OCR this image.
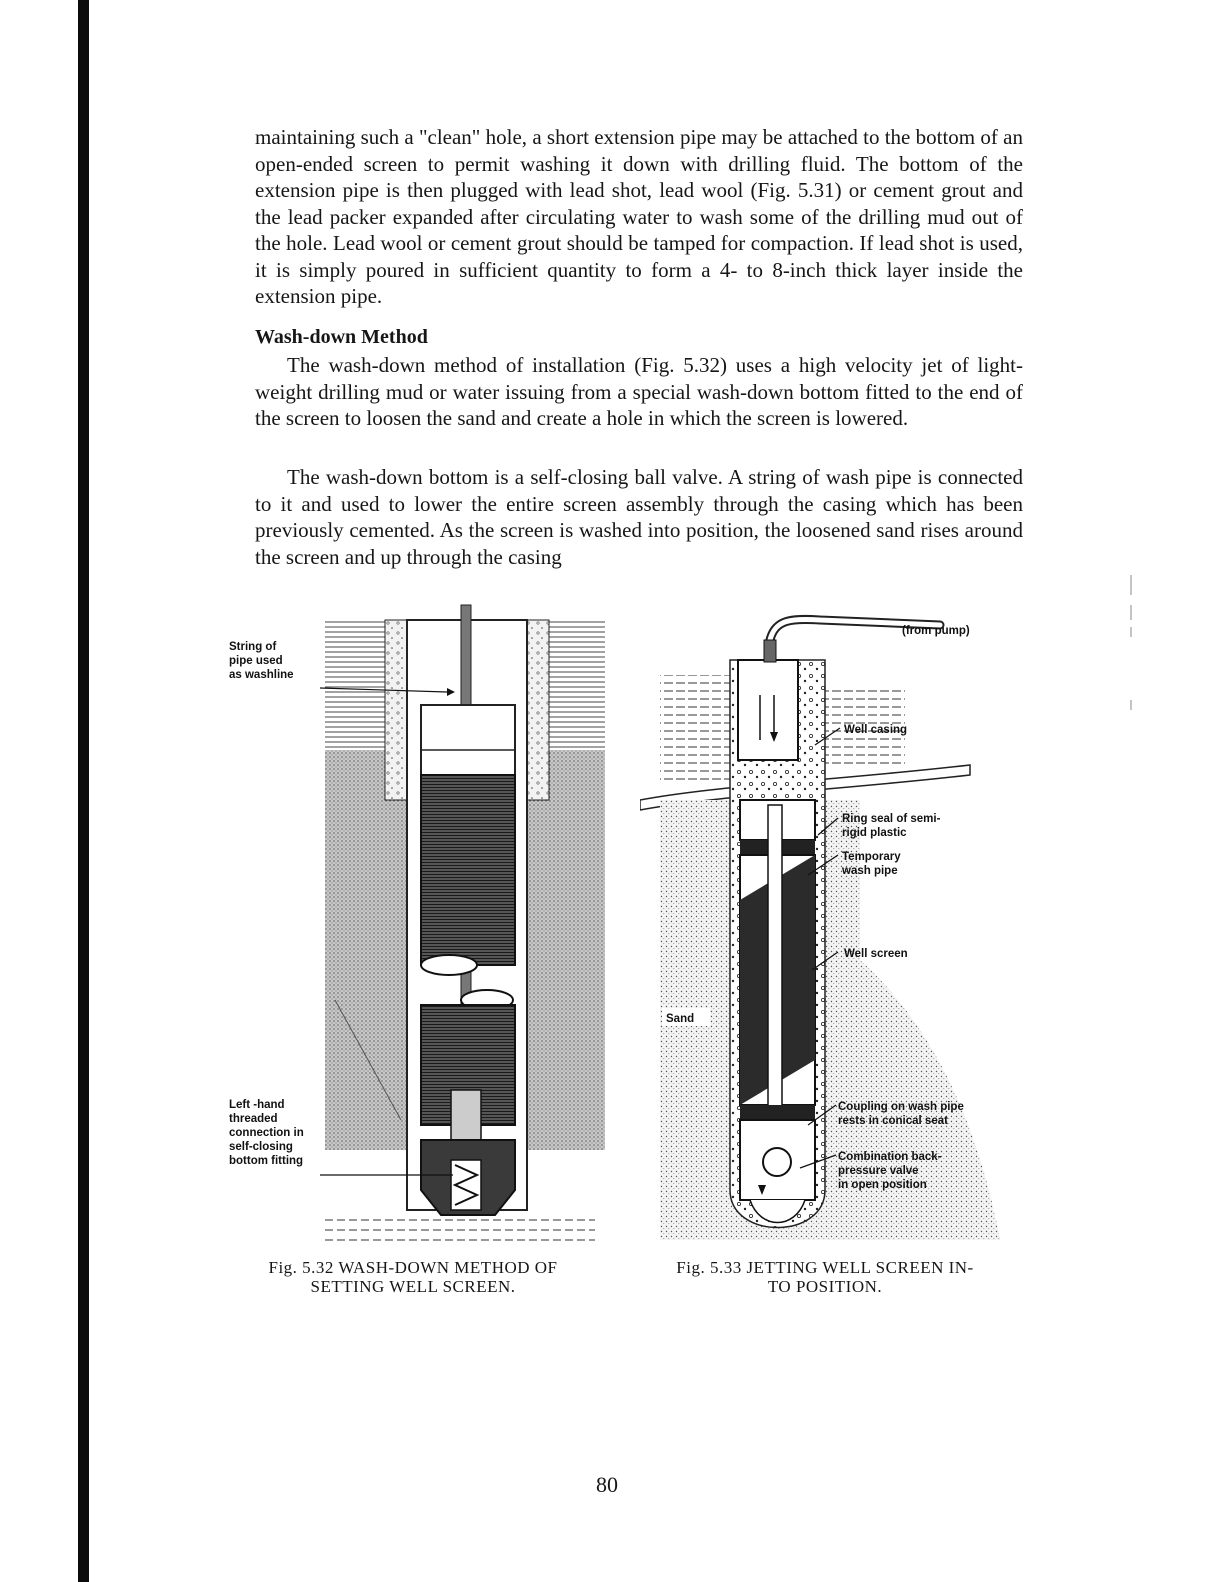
maintaining such a "clean" hole, a short extension pipe may be attached to the bottom of an open-ended screen to permit washing it down with drilling fluid. The bottom of the extension pipe is then plugged with lead shot, lead wool (Fig. 5.31) or cement grout and the lead packer expanded after circulating water to wash some of the drilling mud out of the hole. Lead wool or cement grout should be tamped for compaction. If lead shot is used, it is simply poured in sufficient quantity to form a 4- to 8-inch thick layer inside the extension pipe.
Wash-down Method
The wash-down method of installation (Fig. 5.32) uses a high velocity jet of light-weight drilling mud or water issuing from a special wash-down bottom fitted to the end of the screen to loosen the sand and create a hole in which the screen is lowered.
The wash-down bottom is a self-closing ball valve. A string of wash pipe is connected to it and used to lower the entire screen assembly through the casing which has been previously cemented. As the screen is washed into position, the loosened sand rises around the screen and up through the casing
String of
pipe used
as washline
Left -hand
threaded
connection in
self-closing
bottom fitting
Sand
(from pump)
Well casing
Ring seal of semi-
rigid plastic
Temporary
wash pipe
Well screen
Coupling on wash pipe
rests in conical seat
Combination back-
pressure valve
in open position
Fig. 5.32 WASH-DOWN METHOD OF
SETTING WELL SCREEN.
Fig. 5.33 JETTING WELL SCREEN IN-
TO POSITION.
80
